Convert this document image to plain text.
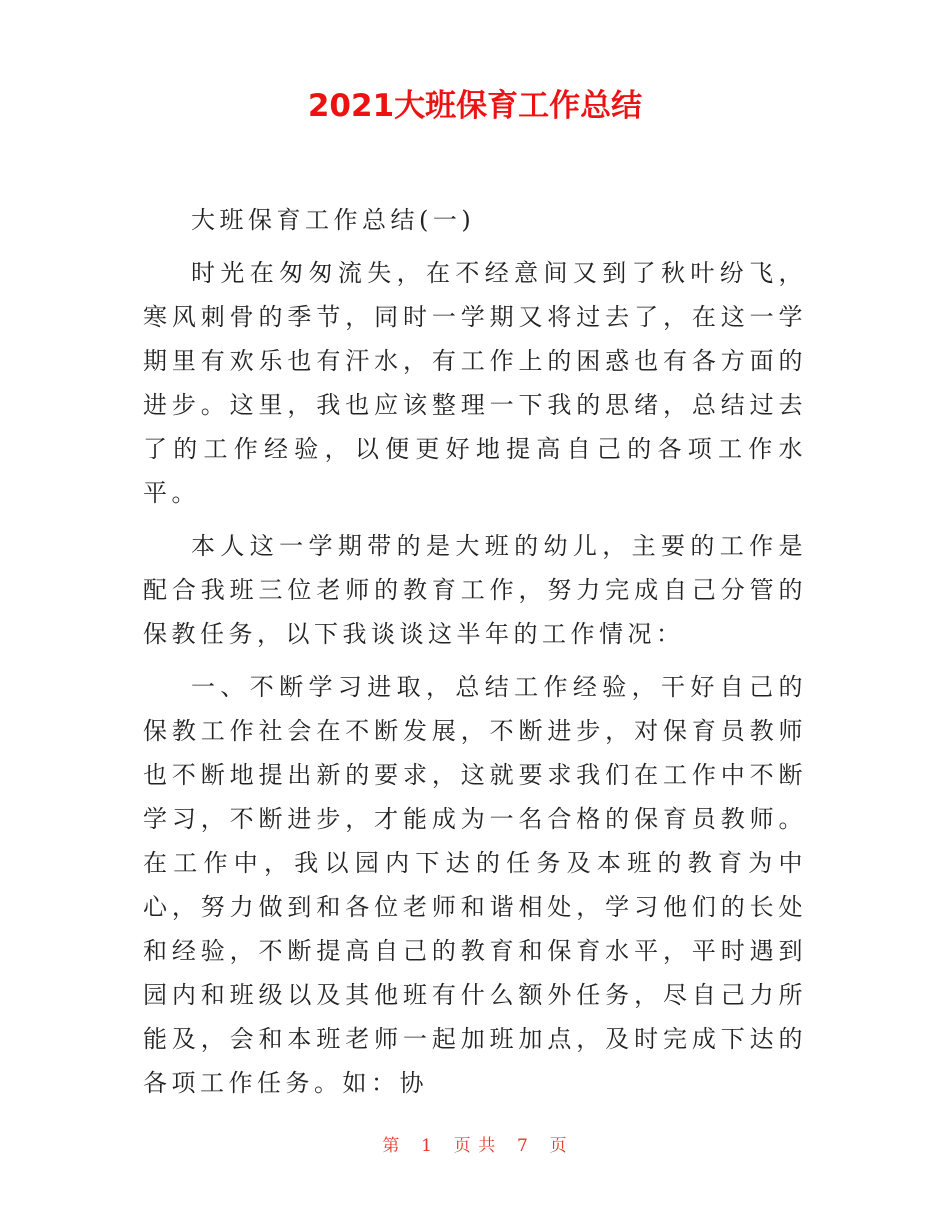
2021大班保育工作总结

大班保育工作总结(一)

时光在匆匆流失，在不经意间又到了秋叶纷飞，寒风刺骨的季节，同时一学期又将过去了，在这一学期里有欢乐也有汗水，有工作上的困惑也有各方面的进步。这里，我也应该整理一下我的思绪，总结过去了的工作经验，以便更好地提高自己的各项工作水平。

本人这一学期带的是大班的幼儿，主要的工作是配合我班三位老师的教育工作，努力完成自己分管的保教任务，以下我谈谈这半年的工作情况：

一、不断学习进取，总结工作经验，干好自己的保教工作社会在不断发展，不断进步，对保育员教师也不断地提出新的要求，这就要求我们在工作中不断学习，不断进步，才能成为一名合格的保育员教师。在工作中，我以园内下达的任务及本班的教育为中心，努力做到和各位老师和谐相处，学习他们的长处和经验，不断提高自己的教育和保育水平，平时遇到园内和班级以及其他班有什么额外任务，尽自己力所能及，会和本班老师一起加班加点，及时完成下达的各项工作任务。如：协

第 1 页 共 7 页
